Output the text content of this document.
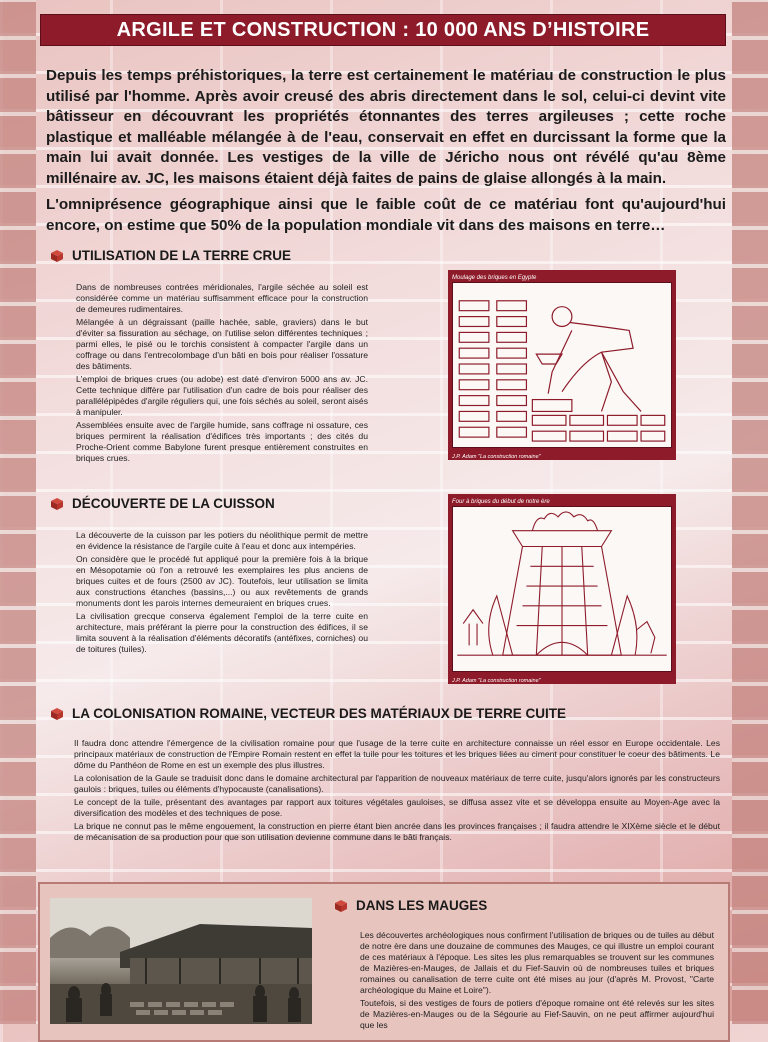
ARGILE ET CONSTRUCTION : 10 000 ANS D’HISTOIRE

Depuis les temps préhistoriques, la terre est certainement le matériau de construction le plus utilisé par l'homme. Après avoir creusé des abris directement dans le sol, celui-ci devint vite bâtisseur en découvrant les propriétés étonnantes des terres argileuses ; cette roche plastique et malléable mélangée à de l'eau, conservait en effet en durcissant la forme que la main lui avait donnée. Les vestiges de la ville de Jéricho nous ont révélé qu'au 8ème millénaire av. JC, les maisons étaient déjà faites de pains de glaise allongés à la main.

L'omniprésence géographique ainsi que le faible coût de ce matériau font qu'aujourd'hui encore, on estime que 50% de la population mondiale vit dans des maisons en terre…

UTILISATION DE LA TERRE CRUE

Dans de nombreuses contrées méridionales, l'argile séchée au soleil est considérée comme un matériau suffisamment efficace pour la construction de demeures rudimentaires.

Mélangée à un dégraissant (paille hachée, sable, graviers) dans le but d'éviter sa fissuration au séchage, on l'utilise selon différentes techniques ; parmi elles, le pisé ou le torchis consistent à compacter l'argile dans un coffrage ou dans l'entrecolombage d'un bâti en bois pour réaliser l'ossature des bâtiments.

L'emploi de briques crues (ou adobe) est daté d'environ 5000 ans av. JC. Cette technique diffère par l'utilisation d'un cadre de bois pour réaliser des parallélépipèdes d'argile réguliers qui, une fois séchés au soleil, seront aisés à manipuler.

Assemblées ensuite avec de l'argile humide, sans coffrage ni ossature, ces briques permirent la réalisation d'édifices très importants ; des cités du Proche-Orient comme Babylone furent presque entièrement construites en briques crues.

Moulage des briques en Egypte
J.P. Adam "La construction romaine"
DÉCOUVERTE DE LA CUISSON

La découverte de la cuisson par les potiers du néolithique permit de mettre en évidence la résistance de l'argile cuite à l'eau et donc aux intempéries.

On considère que le procédé fut appliqué pour la première fois à la brique en Mésopotamie où l'on a retrouvé les exemplaires les plus anciens de briques cuites et de fours (2500 av JC). Toutefois, leur utilisation se limita aux constructions étanches (bassins,...) ou aux revêtements de grands monuments dont les parois internes demeuraient en briques crues.

La civilisation grecque conserva également l'emploi de la terre cuite en architecture, mais préférant la pierre pour la construction des édifices, il se limita souvent à la réalisation d'éléments décoratifs (antéfixes, corniches) ou de toitures (tuiles).

Four à briques du début de notre ère
J.P. Adam "La construction romaine"
LA COLONISATION ROMAINE, VECTEUR DES MATÉRIAUX DE TERRE CUITE

Il faudra donc attendre l'émergence de la civilisation romaine pour que l'usage de la terre cuite en architecture connaisse un réel essor en Europe occidentale. Les principaux matériaux de construction de l'Empire Romain restent en effet la tuile pour les toitures et les briques liées au ciment pour constituer le coeur des bâtiments. Le dôme du Panthéon de Rome en est un exemple des plus illustres.

La colonisation de la Gaule se traduisit donc dans le domaine architectural par l'apparition de nouveaux matériaux de terre cuite, jusqu'alors ignorés par les constructeurs gaulois : briques, tuiles ou éléments d'hypocauste (canalisations).

Le concept de la tuile, présentant des avantages par rapport aux toitures végétales gauloises, se diffusa assez vite et se développa ensuite au Moyen-Age avec la diversification des modèles et des techniques de pose.

La brique ne connut pas le même engouement, la construction en pierre étant bien ancrée dans les provinces françaises ; il faudra attendre le XIXème siècle et le début de mécanisation de sa production pour que son utilisation devienne commune dans le bâti français.

DANS LES MAUGES

Les découvertes archéologiques nous confirment l'utilisation de briques ou de tuiles au début de notre ère dans une douzaine de communes des Mauges, ce qui illustre un emploi courant de ces matériaux à l'époque. Les sites les plus remarquables se trouvent sur les communes de Mazières-en-Mauges, de Jallais et du Fief-Sauvin où de nombreuses tuiles et briques romaines ou canalisation de terre cuite ont été mises au jour (d'après M. Provost, "Carte archéologique du Maine et Loire").

Toutefois, si des vestiges de fours de potiers d'époque romaine ont été relevés sur les sites de Mazières-en-Mauges ou de la Ségourie au Fief-Sauvin, on ne peut affirmer aujourd'hui que les
